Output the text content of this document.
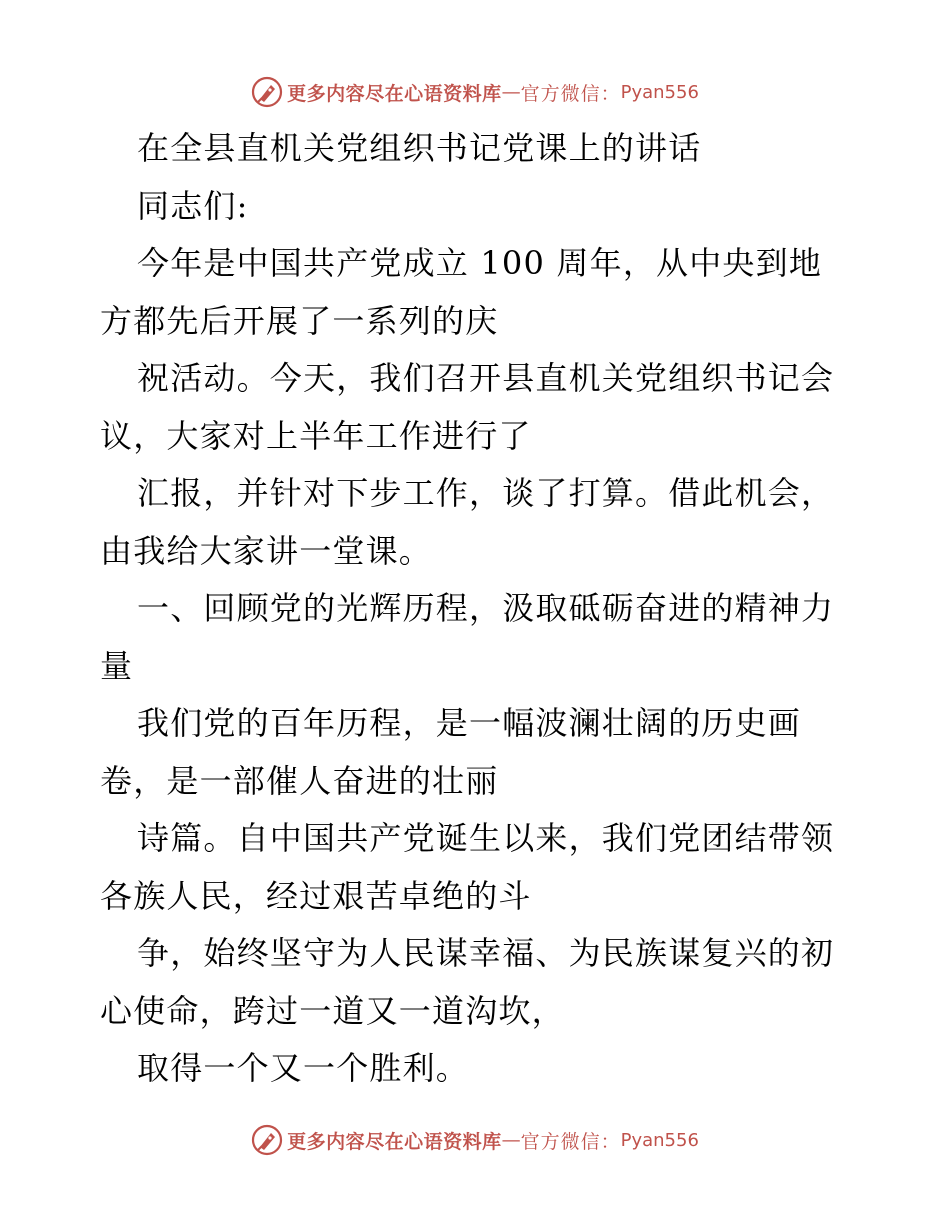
更多内容尽在心语资料库 — 官方微信： Pyan556
在全县直机关党组织书记党课上的讲话
同志们:
今年是中国共产党成立 100 周年，从中央到地
方都先后开展了一系列的庆
祝活动。今天，我们召开县直机关党组织书记会
议，大家对上半年工作进行了
汇报，并针对下步工作，谈了打算。借此机会，
由我给大家讲一堂课。
一、回顾党的光辉历程，汲取砥砺奋进的精神力
量
我们党的百年历程，是一幅波澜壮阔的历史画
卷，是一部催人奋进的壮丽
诗篇。自中国共产党诞生以来，我们党团结带领
各族人民，经过艰苦卓绝的斗
争，始终坚守为人民谋幸福、为民族谋复兴的初
心使命，跨过一道又一道沟坎，
取得一个又一个胜利。
更多内容尽在心语资料库 — 官方微信： Pyan556
